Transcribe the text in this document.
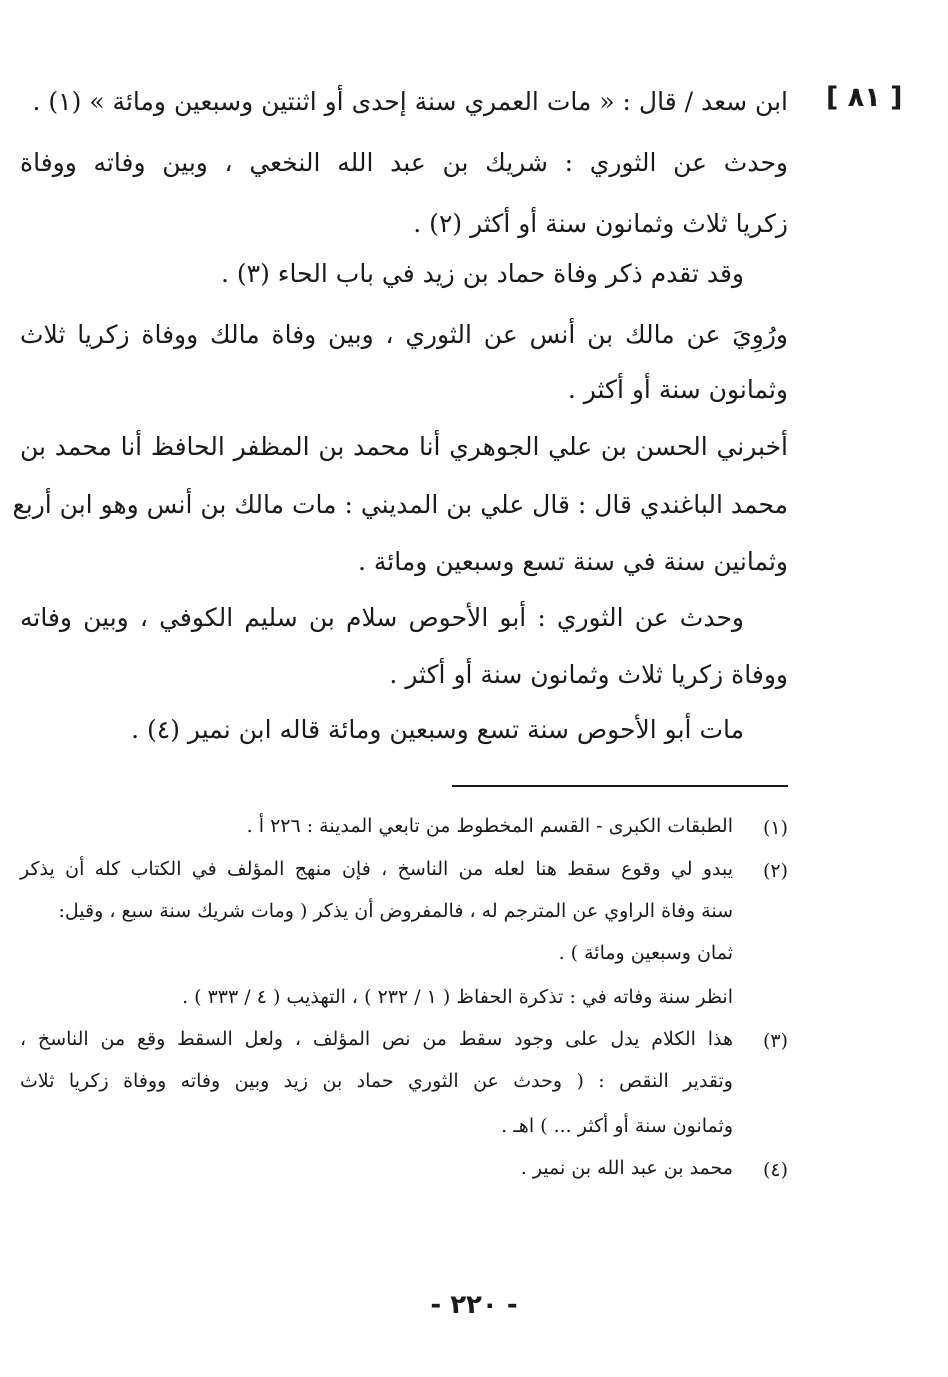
[ ٨١ ]
ابن سعد / قال : « مات العمري سنة إحدى أو اثنتين وسبعين ومائة » (١) .
وحدث عن الثوري : شريك بن عبد الله النخعي ، وبين وفاته ووفاة
زكريا ثلاث وثمانون سنة أو أكثر (٢) .
وقد تقدم ذكر وفاة حماد بن زيد في باب الحاء (٣) .
ورُوِيَ عن مالك بن أنس عن الثوري ، وبين وفاة مالك ووفاة زكريا ثلاث
وثمانون سنة أو أكثر .
أخبرني الحسن بن علي الجوهري أنا محمد بن المظفر الحافظ أنا محمد بن
محمد الباغندي قال : قال علي بن المديني : مات مالك بن أنس وهو ابن أربع
وثمانين سنة في سنة تسع وسبعين ومائة .
وحدث عن الثوري : أبو الأحوص سلام بن سليم الكوفي ، وبين وفاته
ووفاة زكريا ثلاث وثمانون سنة أو أكثر .
مات أبو الأحوص سنة تسع وسبعين ومائة قاله ابن نمير (٤) .
(١)
الطبقات الكبرى - القسم المخطوط من تابعي المدينة : ٢٢٦ أ .
(٢)
يبدو لي وقوع سقط هنا لعله من الناسخ ، فإن منهج المؤلف في الكتاب كله أن يذكر
سنة وفاة الراوي عن المترجم له ، فالمفروض أن يذكر ( ومات شريك سنة سبع ، وقيل:
ثمان وسبعين ومائة ) .
انظر سنة وفاته في : تذكرة الحفاظ ( ١ / ٢٣٢ ) ، التهذيب ( ٤ / ٣٣٣ ) .
(٣)
هذا الكلام يدل على وجود سقط من نص المؤلف ، ولعل السقط وقع من الناسخ ،
وتقدير النقص : ( وحدث عن الثوري حماد بن زيد وبين وفاته ووفاة زكريا ثلاث
وثمانون سنة أو أكثر ... ) اهـ .
(٤)
محمد بن عبد الله بن نمير .
- ٢٢٠ -
